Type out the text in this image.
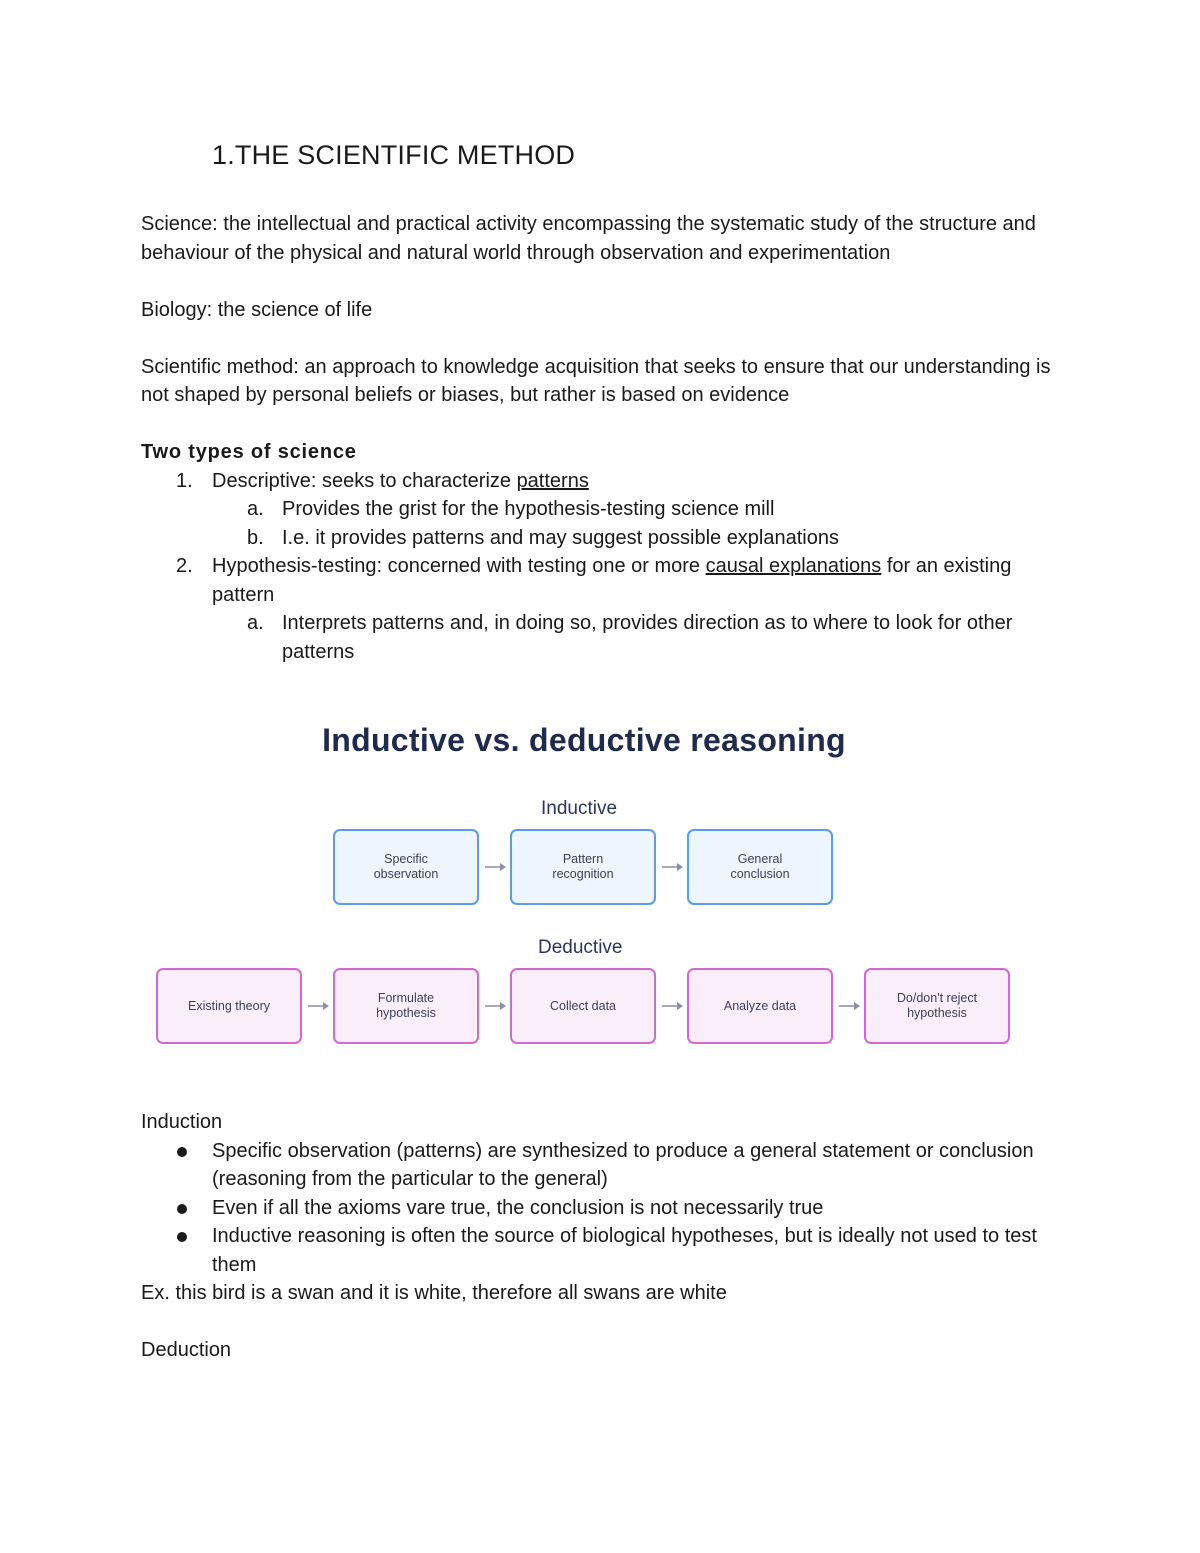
1.THE SCIENTIFIC METHOD

Science: the intellectual and practical activity encompassing the systematic study of the structure and behaviour of the physical and natural world through observation and experimentation

Biology: the science of life

Scientific method: an approach to knowledge acquisition that seeks to ensure that our understanding is not shaped by personal beliefs or biases, but rather is based on evidence

Two types of science

1. Descriptive: seeks to characterize patterns
a. Provides the grist for the hypothesis-testing science mill
b. I.e. it provides patterns and may suggest possible explanations
2. Hypothesis-testing: concerned with testing one or more causal explanations for an existing pattern
a. Interprets patterns and, in doing so, provides direction as to where to look for other patterns
Inductive vs. deductive reasoning
Inductive
Specific
observation
Pattern
recognition
General
conclusion
Deductive
Existing theory
Formulate
hypothesis
Collect data	Analyze data
Do/don't reject
hypothesis

Induction

Specific observation (patterns) are synthesized to produce a general statement or conclusion (reasoning from the particular to the general)
Even if all the axioms vare true, the conclusion is not necessarily true
Inductive reasoning is often the source of biological hypotheses, but is ideally not used to test them

Ex. this bird is a swan and it is white, therefore all swans are white

Deduction
